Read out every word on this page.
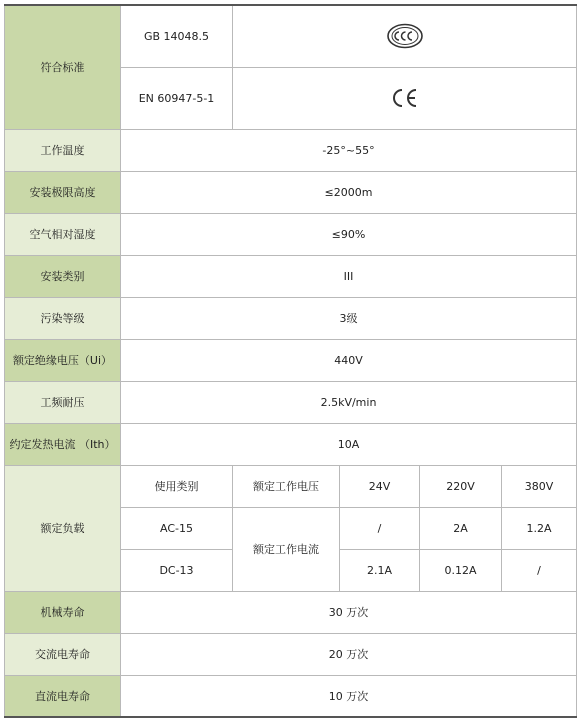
符合标准	GB 14048.5	
	EN 60947-5-1	
工作温度	-25°~55°				
安装极限高度	≤2000m				
空气相对湿度	≤90%				
安装类别	III				
污染等级	3级				
额定绝缘电压（Ui）	440V				
工频耐压	2.5kV/min				
约定发热电流 （Ith）	10A				
额定负载	使用类别	额定工作电压	24V	220V	380V
	AC-15	额定工作电流	/	2A	1.2A
	DC-13		2.1A	0.12A	/
机械寿命	30 万次				
交流电寿命	20 万次				
直流电寿命	10 万次				
